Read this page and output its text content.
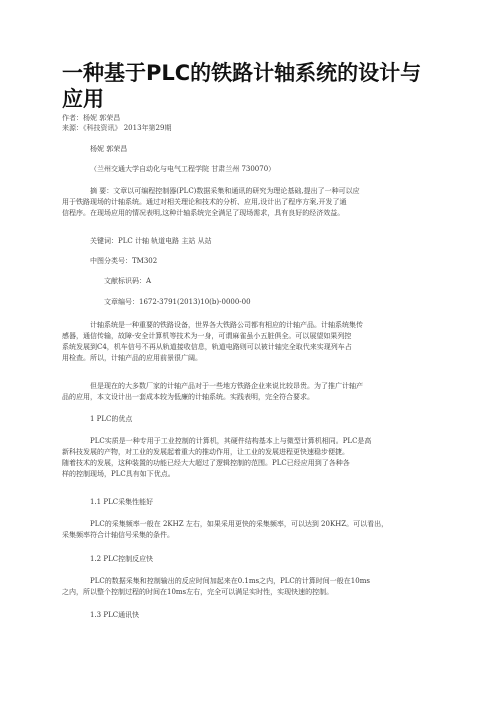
一种基于PLC的铁路计轴系统的设计与应用
作者：杨妮 郭荣昌
来源：《科技资讯》 2013年第29期
杨妮 郭荣昌
（兰州交通大学自动化与电气工程学院 甘肃兰州 730070）
摘 要：文章以可编程控制器(PLC)数据采集和通讯的研究为理论基础,提出了一种可以应
用于铁路现场的计轴系统。通过对相关理论和技术的分析、应用,设计出了程序方案,开发了通
信程序。在现场应用的情况表明,这种计轴系统完全满足了现场需求，具有良好的经济效益。
关键词：PLC 计轴 轨道电路 主站 从站
中图分类号：TM302
文献标识码：A
文章编号：1672-3791(2013)10(b)-0000-00
计轴系统是一种重要的铁路设备，世界各大铁路公司都有相应的计轴产品。计轴系统集传
感器，通信传输，故障-安全计算机等技术为一身，可谓麻雀虽小五脏俱全。可以展望如果列控
系统发展到C4，机车信号不再从轨道接收信息，轨道电路则可以被计轴完全取代来实现列车占
用检查。所以，计轴产品的应用前景很广阔。
但是现在的大多数厂家的计轴产品对于一些地方铁路企业来说比较昂贵。为了推广计轴产
品的应用，本文设计出一套成本较为低廉的计轴系统。实践表明，完全符合要求。
1 PLC的优点
PLC实质是一种专用于工业控制的计算机，其硬件结构基本上与微型计算机相同。PLC是高
新科技发展的产物，对工业的发展起着重大的推动作用，让工业的发展进程更快速稳步便捷。
随着技术的发展，这种装置的功能已经大大超过了逻辑控制的范围。PLC已经应用到了各种各
样的控制现场，PLC具有如下优点。
1.1 PLC采集性能好
PLC的采集频率一般在 2KHZ 左右，如果采用更快的采集频率，可以达到 20KHZ。可以看出，
采集频率符合计轴信号采集的条件。
1.2 PLC控制反应快
PLC的数据采集和控制输出的反应时间加起来在0.1ms之内，PLC的计算时间一般在10ms
之内，所以整个控制过程的时间在10ms左右，完全可以满足实时性，实现快速的控制。
1.3 PLC通讯快
